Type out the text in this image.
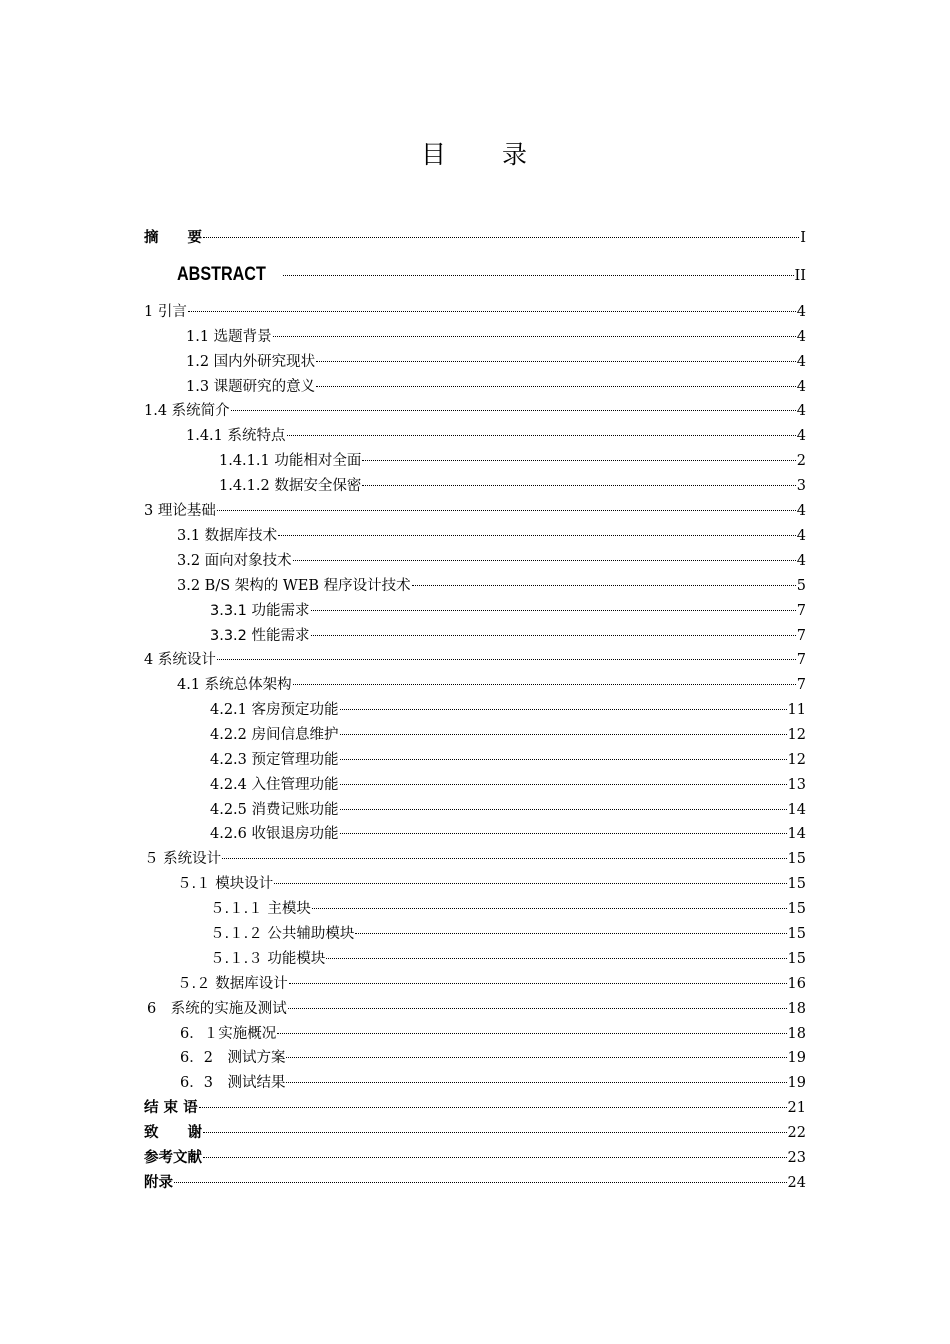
目　　录
摘　　要	I
ABSTRACT	II
1 引言	4
1.1 选题背景	4
1.2 国内外研究现状	4
1.3 课题研究的意义	4
1.4 系统简介	4
1.4.1 系统特点	4
1.4.1.1 功能相对全面	2
1.4.1.2 数据安全保密	3
3 理论基础	4
3.1 数据库技术	4
3.2 面向对象技术	4
3.2 B/S 架构的 WEB 程序设计技术	5
3.3.1 功能需求	7
3.3.2 性能需求	7
4 系统设计	7
4.1 系统总体架构	7
4.2.1 客房预定功能	11
4.2.2 房间信息维护	12
4.2.3 预定管理功能	12
4.2.4 入住管理功能	13
4.2.5 消费记账功能	14
4.2.6 收银退房功能	14
５ 系统设计	15
５.１ 模块设计	15
５.１.１ 主模块	15
５.１.２ 公共辅助模块	15
５.１.３ 功能模块	15
５.２ 数据库设计	16
6　系统的实施及测试	18
6．１实施概况	18
6．2　测试方案	19
6．3　测试结果	19
结 束 语	21
致　　谢	22
参考文献	23
附录	24
